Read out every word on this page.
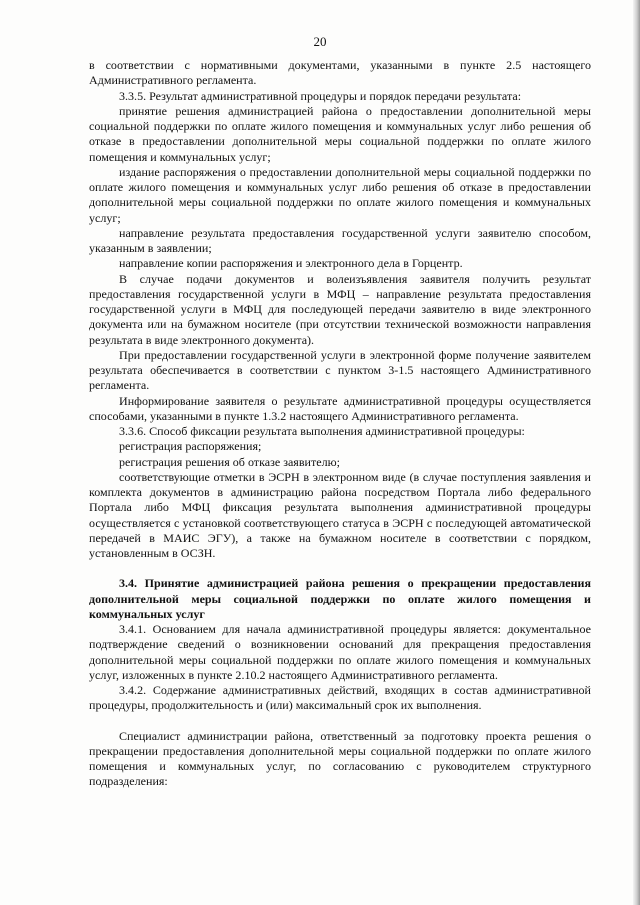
20

в соответствии с нормативными документами, указанными в пункте 2.5 настоящего Административного регламента.

3.3.5. Результат административной процедуры и порядок передачи результата:

принятие решения администрацией района о предоставлении дополнительной меры социальной поддержки по оплате жилого помещения и коммунальных услуг либо решения об отказе в предоставлении дополнительной меры социальной поддержки по оплате жилого помещения и коммунальных услуг;

издание распоряжения о предоставлении дополнительной меры социальной поддержки по оплате жилого помещения и коммунальных услуг либо решения об отказе в предоставлении дополнительной меры социальной поддержки по оплате жилого помещения и коммунальных услуг;

направление результата предоставления государственной услуги заявителю способом, указанным в заявлении;

направление копии распоряжения и электронного дела в Горцентр.

В случае подачи документов и волеизъявления заявителя получить результат предоставления государственной услуги в МФЦ – направление результата предоставления государственной услуги в МФЦ для последующей передачи заявителю в виде электронного документа или на бумажном носителе (при отсутствии технической возможности направления результата в виде электронного документа).

При предоставлении государственной услуги в электронной форме получение заявителем результата обеспечивается в соответствии с пунктом 3-1.5 настоящего Административного регламента.

Информирование заявителя о результате административной процедуры осуществляется способами, указанными в пункте 1.3.2 настоящего Административного регламента.

3.3.6. Способ фиксации результата выполнения административной процедуры:

регистрация распоряжения;

регистрация решения об отказе заявителю;

соответствующие отметки в ЭСРН в электронном виде (в случае поступления заявления и комплекта документов в администрацию района посредством Портала либо федерального Портала либо МФЦ фиксация результата выполнения административной процедуры осуществляется с установкой соответствующего статуса в ЭСРН с последующей автоматической передачей в МАИС ЭГУ), а также на бумажном носителе в соответствии с порядком, установленным в ОСЗН.

3.4. Принятие администрацией района решения о прекращении предоставления дополнительной меры социальной поддержки по оплате жилого помещения и коммунальных услуг

3.4.1. Основанием для начала административной процедуры является: документальное подтверждение сведений о возникновении оснований для прекращения предоставления дополнительной меры социальной поддержки по оплате жилого помещения и коммунальных услуг, изложенных в пункте 2.10.2 настоящего Административного регламента.

3.4.2. Содержание административных действий, входящих в состав административной процедуры, продолжительность и (или) максимальный срок их выполнения.

Специалист администрации района, ответственный за подготовку проекта решения о прекращении предоставления дополнительной меры социальной поддержки по оплате жилого помещения и коммунальных услуг, по согласованию с руководителем структурного подразделения:
